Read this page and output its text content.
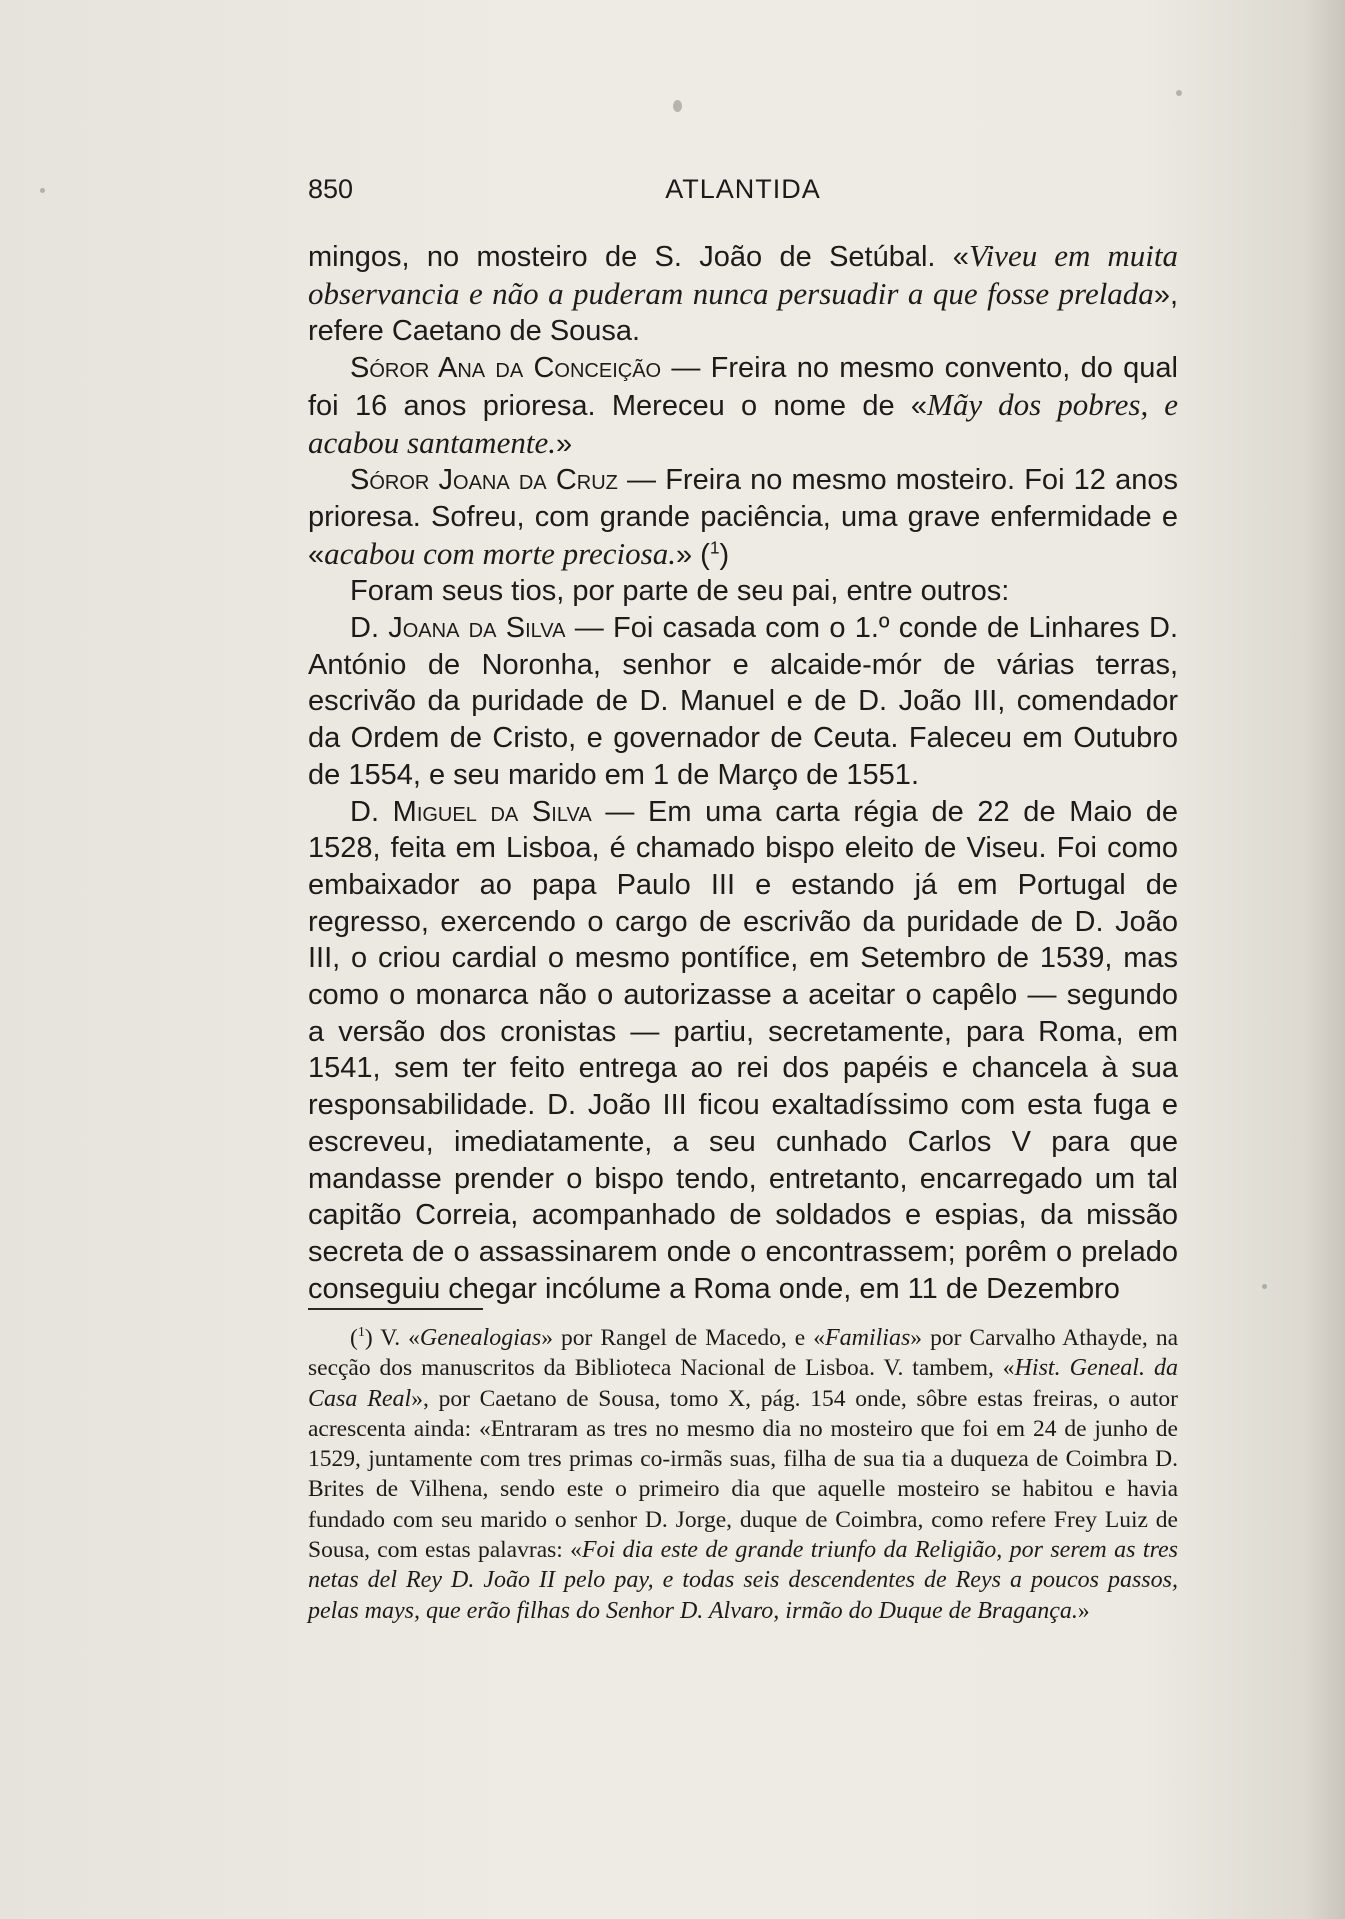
850	ATLANTIDA

mingos, no mosteiro de S. João de Setúbal. «Viveu em muita observancia e não a puderam nunca persuadir a que fosse prelada», refere Caetano de Sousa.

Sóror Ana da Conceição — Freira no mesmo convento, do qual foi 16 anos prioresa. Mereceu o nome de «Mãy dos pobres, e acabou santamente.»

Sóror Joana da Cruz — Freira no mesmo mosteiro. Foi 12 anos prioresa. Sofreu, com grande paciência, uma grave enfermidade e «acabou com morte preciosa.» ($^1$)

Foram seus tios, por parte de seu pai, entre outros:

D. Joana da Silva — Foi casada com o 1.º conde de Linhares D. António de Noronha, senhor e alcaide-mór de várias terras, escrivão da puridade de D. Manuel e de D. João III, comendador da Ordem de Cristo, e governador de Ceuta. Faleceu em Outubro de 1554, e seu marido em 1 de Março de 1551.

D. Miguel da Silva — Em uma carta régia de 22 de Maio de 1528, feita em Lisboa, é chamado bispo eleito de Viseu. Foi como embaixador ao papa Paulo III e estando já em Portugal de regresso, exercendo o cargo de escrivão da puridade de D. João III, o criou cardial o mesmo pontífice, em Setembro de 1539, mas como o monarca não o autorizasse a aceitar o capêlo — segundo a versão dos cronistas — partiu, secretamente, para Roma, em 1541, sem ter feito entrega ao rei dos papéis e chancela à sua responsabilidade. D. João III ficou exaltadíssimo com esta fuga e escreveu, imediatamente, a seu cunhado Carlos V para que mandasse prender o bispo tendo, entretanto, encarregado um tal capitão Correia, acompanhado de soldados e espias, da missão secreta de o assassinarem onde o encontrassem; porêm o prelado conseguiu chegar incólume a Roma onde, em 11 de Dezembro

($^1$) V. «Genealogias» por Rangel de Macedo, e «Familias» por Carvalho Athayde, na secção dos manuscritos da Biblioteca Nacional de Lisboa. V. tambem, «Hist. Geneal. da Casa Real», por Caetano de Sousa, tomo X, pág. 154 onde, sôbre estas freiras, o autor acrescenta ainda: «Entraram as tres no mesmo dia no mosteiro que foi em 24 de junho de 1529, juntamente com tres primas co-irmãs suas, filha de sua tia a duqueza de Coimbra D. Brites de Vilhena, sendo este o primeiro dia que aquelle mosteiro se habitou e havia fundado com seu marido o senhor D. Jorge, duque de Coimbra, como refere Frey Luiz de Sousa, com estas palavras: «Foi dia este de grande triunfo da Religião, por serem as tres netas del Rey D. João II pelo pay, e todas seis descendentes de Reys a poucos passos, pelas mays, que erão filhas do Senhor D. Alvaro, irmão do Duque de Bragança.»
